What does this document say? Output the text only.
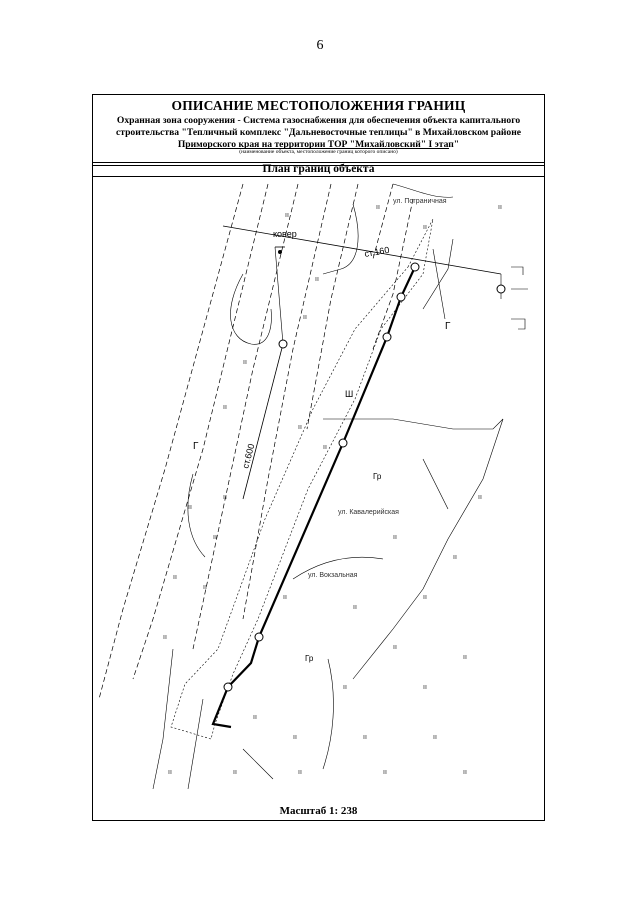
6
ОПИСАНИЕ МЕСТОПОЛОЖЕНИЯ ГРАНИЦ
Охранная зона сооружения - Система газоснабжения для обеспечения объекта капитального
строительства "Тепличный комплекс "Дальневосточные теплицы" в Михайловском районе
Приморского края на территории ТОР "Михайловский" I этап"
(наименование объекта, местоположение границ которого описано)
План границ объекта
ковер
ст.160
ст.600
ул. Пограничная
ул. Кавалерийская
ул. Вокзальная
Гр
Гр
Г
Г
Ш
ıı
ıı
ıı
ıı
ıı
ıı
ıı
ıı
ıı
ıı
ıı
ıı
ıı
ıı
ıı
ıı
ıı
ıı
ıı
ıı
ıı
ıı
ıı	ıı
ıı
ıı	ıı	ıı
ıı	ıı	ıı	ıı	ıı
ıı
ıı
Масштаб 1: 238
